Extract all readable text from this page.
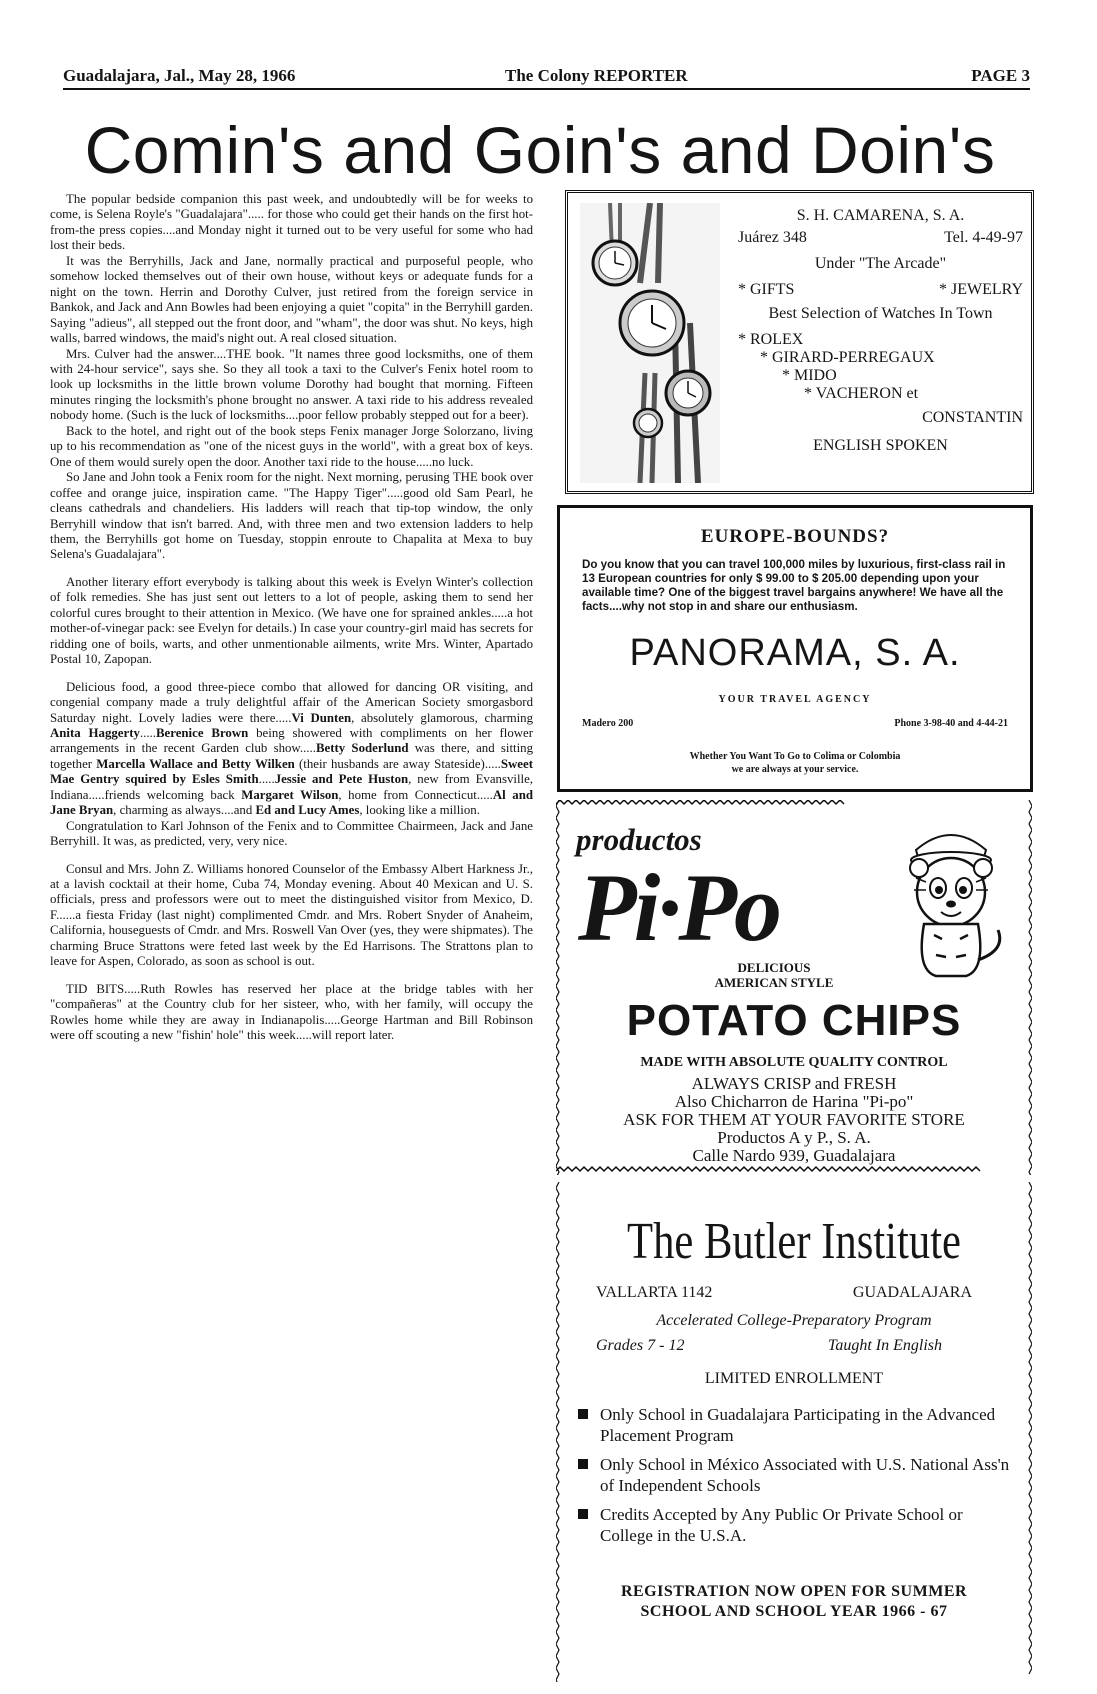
Guadalajara, Jal., May 28, 1966	The Colony REPORTER	PAGE 3
Comin's and Goin's and Doin's

The popular bedside companion this past week, and undoubtedly will be for weeks to come, is Selena Royle's "Guadalajara"..... for those who could get their hands on the first hot-from-the press copies....and Monday night it turned out to be very useful for some who had lost their beds.

It was the Berryhills, Jack and Jane, normally practical and purposeful people, who somehow locked themselves out of their own house, without keys or adequate funds for a night on the town. Herrin and Dorothy Culver, just retired from the foreign service in Bankok, and Jack and Ann Bowles had been enjoying a quiet "copita" in the Berryhill garden. Saying "adieus", all stepped out the front door, and "wham", the door was shut. No keys, high walls, barred windows, the maid's night out. A real closed situation.

Mrs. Culver had the answer....THE book. "It names three good locksmiths, one of them with 24-hour service", says she. So they all took a taxi to the Culver's Fenix hotel room to look up locksmiths in the little brown volume Dorothy had bought that morning. Fifteen minutes ringing the locksmith's phone brought no answer. A taxi ride to his address revealed nobody home. (Such is the luck of locksmiths....poor fellow probably stepped out for a beer).

Back to the hotel, and right out of the book steps Fenix manager Jorge Solorzano, living up to his recommendation as "one of the nicest guys in the world", with a great box of keys. One of them would surely open the door. Another taxi ride to the house.....no luck.

So Jane and John took a Fenix room for the night. Next morning, perusing THE book over coffee and orange juice, inspiration came. "The Happy Tiger".....good old Sam Pearl, he cleans cathedrals and chandeliers. His ladders will reach that tip-top window, the only Berryhill window that isn't barred. And, with three men and two extension ladders to help them, the Berryhills got home on Tuesday, stoppin enroute to Chapalita at Mexa to buy Selena's Guadalajara".

Another literary effort everybody is talking about this week is Evelyn Winter's collection of folk remedies. She has just sent out letters to a lot of people, asking them to send her colorful cures brought to their attention in Mexico. (We have one for sprained ankles.....a hot mother-of-vinegar pack: see Evelyn for details.) In case your country-girl maid has secrets for ridding one of boils, warts, and other unmentionable ailments, write Mrs. Winter, Apartado Postal 10, Zapopan.

Delicious food, a good three-piece combo that allowed for dancing OR visiting, and congenial company made a truly delightful affair of the American Society smorgasbord Saturday night. Lovely ladies were there.....Vi Dunten, absolutely glamorous, charming Anita Haggerty.....Berenice Brown being showered with compliments on her flower arrangements in the recent Garden club show.....Betty Soderlund was there, and sitting together Marcella Wallace and Betty Wilken (their husbands are away Stateside).....Sweet Mae Gentry squired by Esles Smith.....Jessie and Pete Huston, new from Evansville, Indiana.....friends welcoming back Margaret Wilson, home from Connecticut.....Al and Jane Bryan, charming as always....and Ed and Lucy Ames, looking like a million.

Congratulation to Karl Johnson of the Fenix and to Committee Chairmeen, Jack and Jane Berryhill. It was, as predicted, very, very nice.

Consul and Mrs. John Z. Williams honored Counselor of the Embassy Albert Harkness Jr., at a lavish cocktail at their home, Cuba 74, Monday evening. About 40 Mexican and U. S. officials, press and professors were out to meet the distinguished visitor from Mexico, D. F......a fiesta Friday (last night) complimented Cmdr. and Mrs. Robert Snyder of Anaheim, California, houseguests of Cmdr. and Mrs. Roswell Van Over (yes, they were shipmates). The charming Bruce Strattons were feted last week by the Ed Harrisons. The Strattons plan to leave for Aspen, Colorado, as soon as school is out.

TID BITS.....Ruth Rowles has reserved her place at the bridge tables with her "compañeras" at the Country club for her sisteer, who, with her family, will occupy the Rowles home while they are away in Indianapolis.....George Hartman and Bill Robinson were off scouting a new "fishin' hole" this week.....will report later.

S. H. CAMARENA, S. A.
Juárez 348	Tel. 4-49-97
Under "The Arcade"
* GIFTS	* JEWELRY
Best Selection of Watches In Town
* ROLEX
* GIRARD-PERREGAUX
* MIDO
* VACHERON et
CONSTANTIN
ENGLISH SPOKEN
EUROPE-BOUNDS?
Do you know that you can travel 100,000 miles by luxurious, first-class rail in 13 European countries for only $ 99.00 to $ 205.00 depending upon your available time? One of the biggest travel bargains anywhere! We have all the facts....why not stop in and share our enthusiasm.
PANORAMA, S. A.
YOUR TRAVEL AGENCY
Madero 200	Phone 3-98-40 and 4-44-21
Whether You Want To Go to Colima or Colombia
we are always at your service.
productos
Pi·Po
DELICIOUS
AMERICAN STYLE
POTATO CHIPS
MADE WITH ABSOLUTE QUALITY CONTROL
ALWAYS CRISP and FRESH
Also Chicharron de Harina "Pi-po"
ASK FOR THEM AT YOUR FAVORITE STORE
Productos A y P., S. A.
Calle Nardo 939, Guadalajara
The Butler Institute
VALLARTA 1142	GUADALAJARA
Accelerated College-Preparatory Program
Grades 7 - 12	Taught In English
LIMITED ENROLLMENT
Only School in Guadalajara Participating in the Advanced Placement Program
Only School in México Associated with U.S. National Ass'n of Independent Schools
Credits Accepted by Any Public Or Private School or College in the U.S.A.
REGISTRATION NOW OPEN FOR SUMMER
SCHOOL AND SCHOOL YEAR 1966 - 67
